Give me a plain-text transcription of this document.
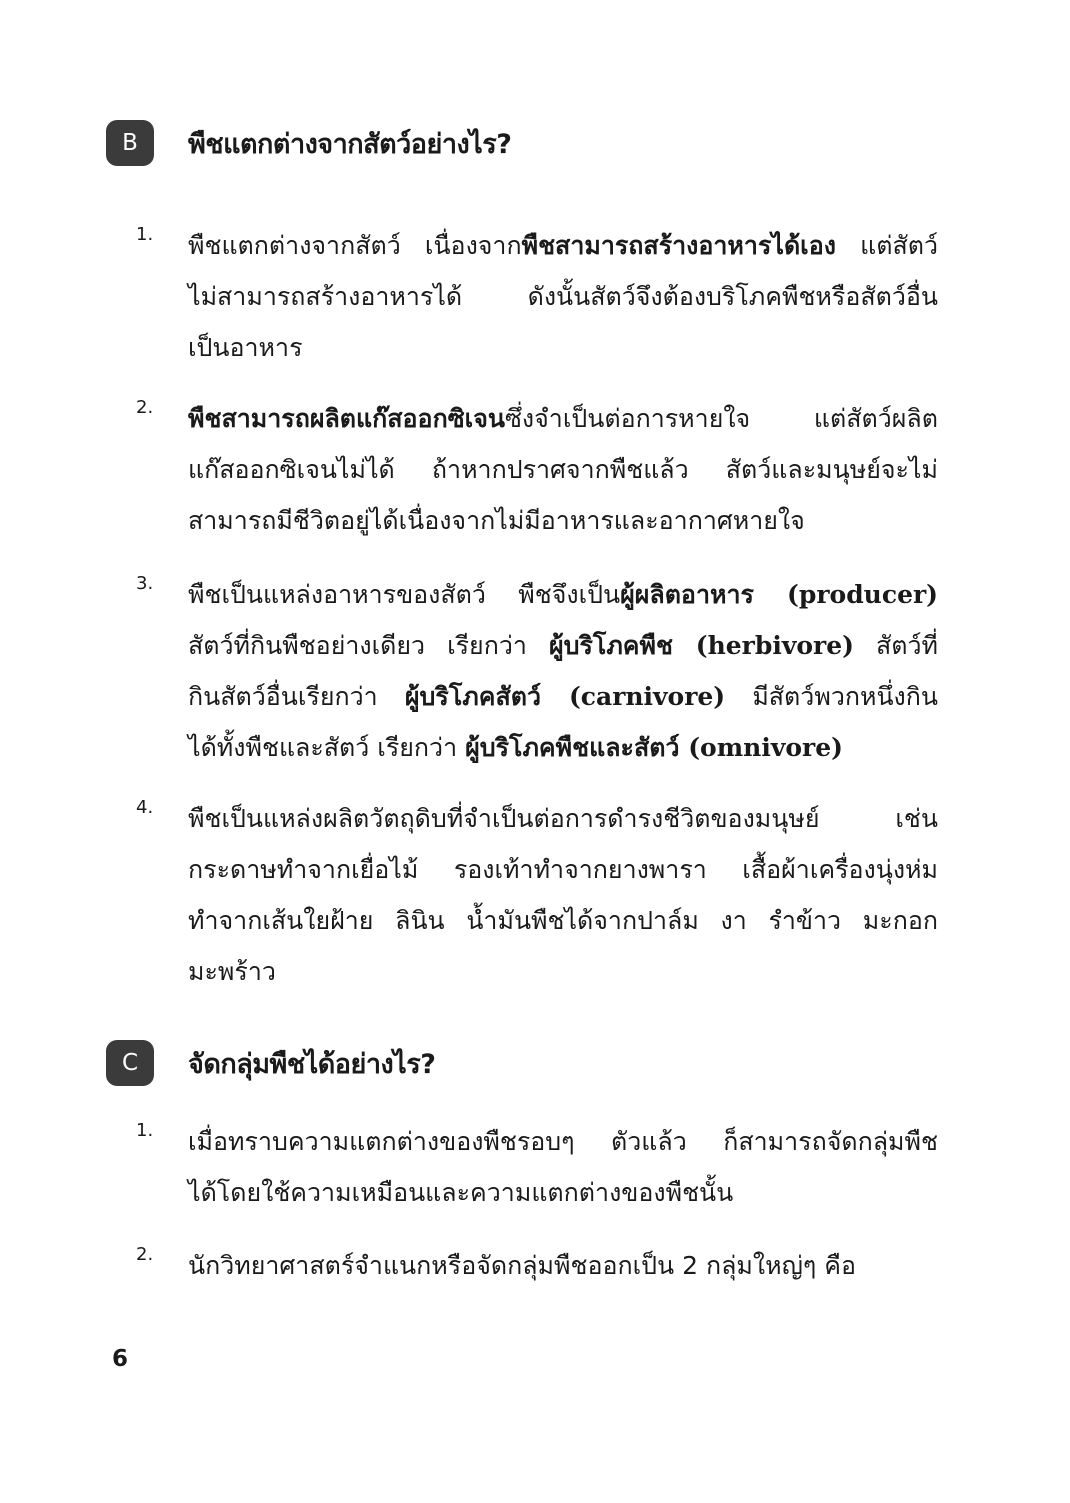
B	พืชแตกต่างจากสัตว์อย่างไร?
1. พืชแตกต่างจากสัตว์ เนื่องจากพืชสามารถสร้างอาหารได้เอง แต่สัตว์
ไม่สามารถสร้างอาหารได้ ดังนั้นสัตว์จึงต้องบริโภคพืชหรือสัตว์อื่น
เป็นอาหาร
2. พืชสามารถผลิตแก๊สออกซิเจนซึ่งจำเป็นต่อการหายใจ แต่สัตว์ผลิต
แก๊สออกซิเจนไม่ได้ ถ้าหากปราศจากพืชแล้ว สัตว์และมนุษย์จะไม่
สามารถมีชีวิตอยู่ได้เนื่องจากไม่มีอาหารและอากาศหายใจ
3. พืชเป็นแหล่งอาหารของสัตว์ พืชจึงเป็นผู้ผลิตอาหาร (producer)
สัตว์ที่กินพืชอย่างเดียว เรียกว่า ผู้บริโภคพืช (herbivore) สัตว์ที่
กินสัตว์อื่นเรียกว่า ผู้บริโภคสัตว์ (carnivore) มีสัตว์พวกหนึ่งกิน
ได้ทั้งพืชและสัตว์ เรียกว่า ผู้บริโภคพืชและสัตว์ (omnivore)
4. พืชเป็นแหล่งผลิตวัตถุดิบที่จำเป็นต่อการดำรงชีวิตของมนุษย์ เช่น
กระดาษทำจากเยื่อไม้ รองเท้าทำจากยางพารา เสื้อผ้าเครื่องนุ่งห่ม
ทำจากเส้นใยฝ้าย ลินิน น้ำมันพืชได้จากปาล์ม งา รำข้าว มะกอก
มะพร้าว
C	จัดกลุ่มพืชได้อย่างไร?
1. เมื่อทราบความแตกต่างของพืชรอบๆ ตัวแล้ว ก็สามารถจัดกลุ่มพืช
ได้โดยใช้ความเหมือนและความแตกต่างของพืชนั้น
2. นักวิทยาศาสตร์จำแนกหรือจัดกลุ่มพืชออกเป็น 2 กลุ่มใหญ่ๆ คือ
6
